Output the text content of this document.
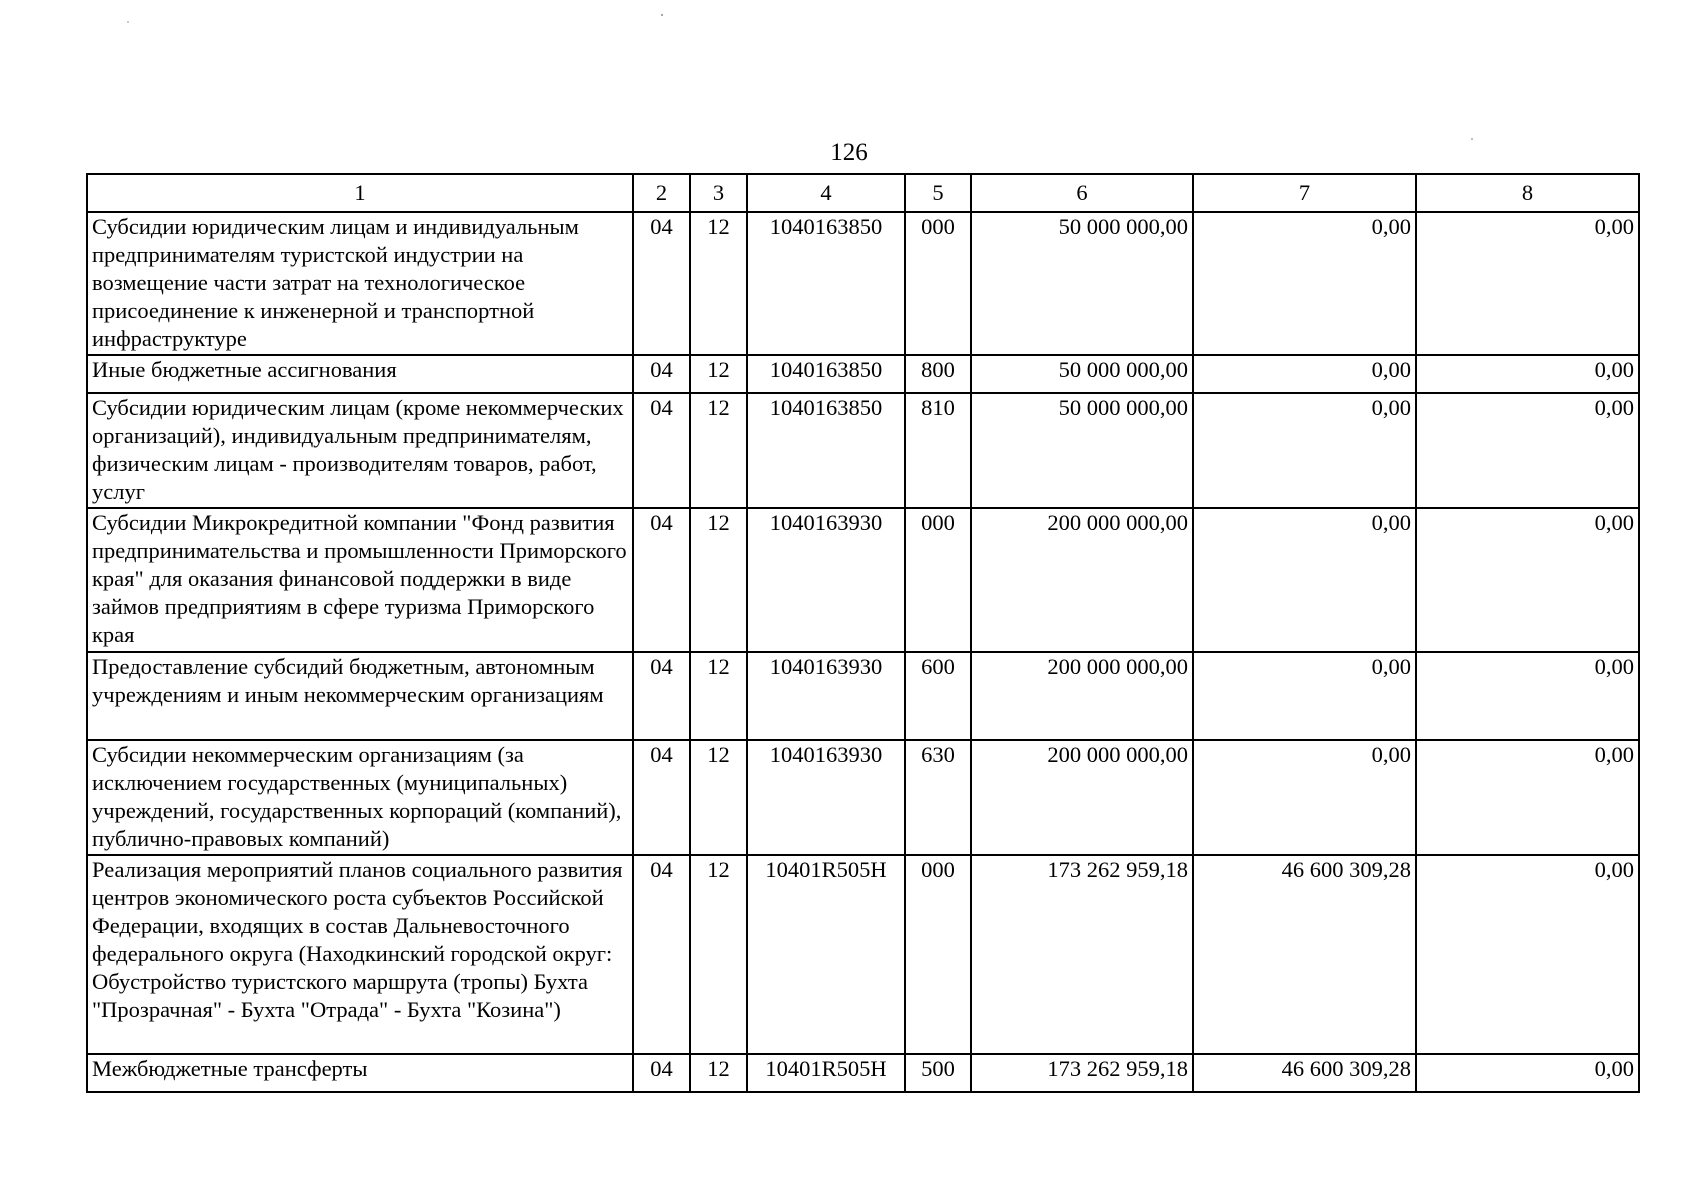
126
1	2	3	4	5	6	7	8
Субсидии юридическим лицам и индивидуальным предпринимателям туристской индустрии на возмещение части затрат на технологическое присоединение к инженерной и транспортной инфраструктуре	04	12	1040163850	000	50 000 000,00	0,00	0,00
Иные бюджетные ассигнования	04	12	1040163850	800	50 000 000,00	0,00	0,00
Субсидии юридическим лицам (кроме некоммерческих организаций), индивидуальным предпринимателям, физическим лицам - производителям товаров, работ, услуг	04	12	1040163850	810	50 000 000,00	0,00	0,00
Субсидии Микрокредитной компании "Фонд развития предпринимательства и промышленности Приморского края" для оказания финансовой поддержки в виде займов предприятиям в сфере туризма Приморского края	04	12	1040163930	000	200 000 000,00	0,00	0,00
Предоставление субсидий бюджетным, автономным учреждениям и иным некоммерческим организациям	04	12	1040163930	600	200 000 000,00	0,00	0,00
Субсидии некоммерческим организациям (за исключением государственных (муниципальных) учреждений, государственных корпораций (компаний), публично-правовых компаний)	04	12	1040163930	630	200 000 000,00	0,00	0,00
Реализация мероприятий планов социального развития центров экономического роста субъектов Российской Федерации, входящих в состав Дальневосточного федерального округа (Находкинский городской округ: Обустройство туристского маршрута (тропы) Бухта "Прозрачная" - Бухта "Отрада" - Бухта "Козина")	04	12	10401R505H	000	173 262 959,18	46 600 309,28	0,00
Межбюджетные трансферты	04	12	10401R505H	500	173 262 959,18	46 600 309,28	0,00
